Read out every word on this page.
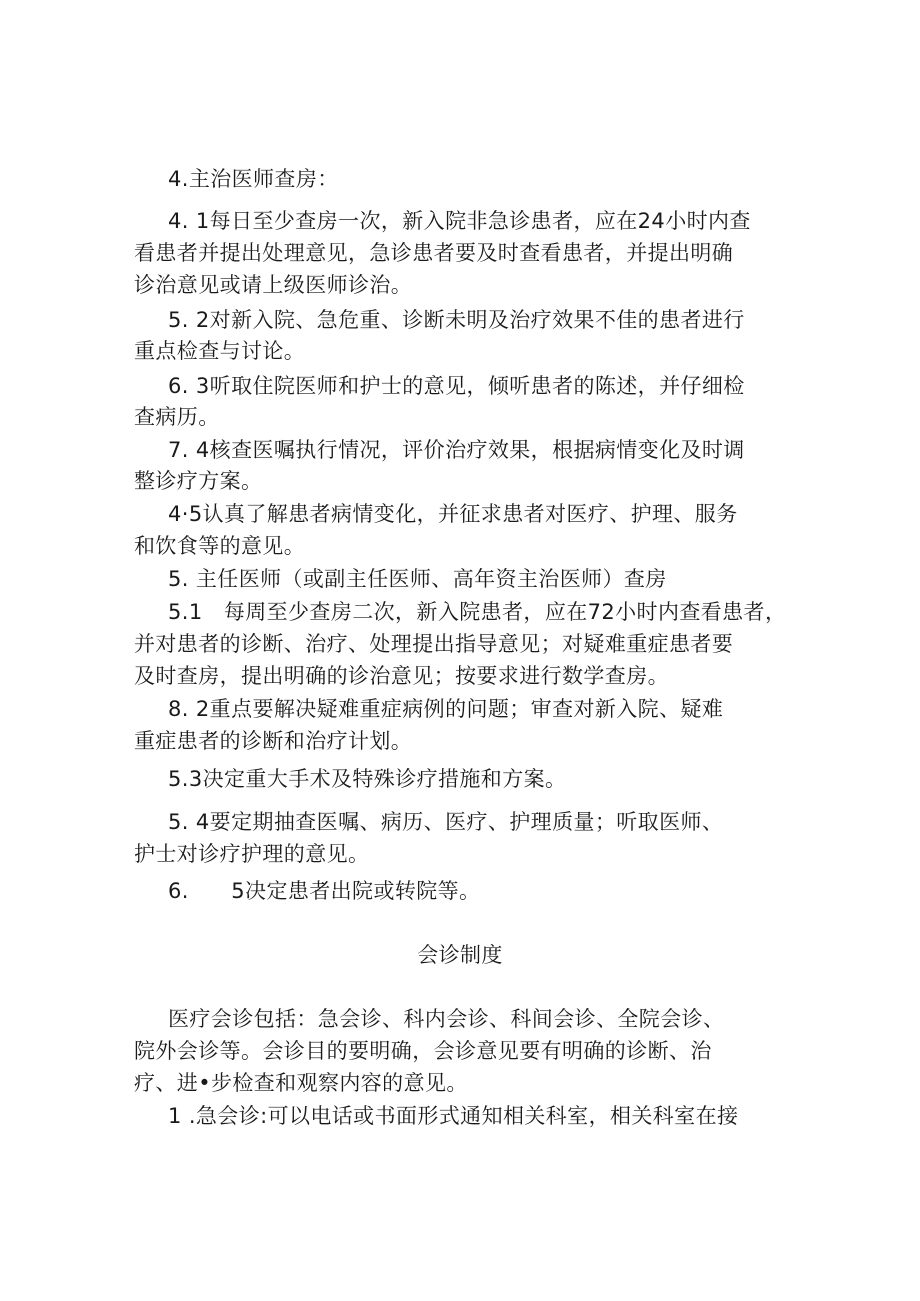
4.主治医师查房：
4. 1每日至少查房一次，新入院非急诊患者，应在24小时内查
看患者并提出处理意见，急诊患者要及时查看患者，并提出明确
诊治意见或请上级医师诊治。
5. 2对新入院、急危重、诊断未明及治疗效果不佳的患者进行
重点检查与讨论。
6. 3听取住院医师和护士的意见，倾听患者的陈述，并仔细检
查病历。
7. 4核查医嘱执行情况，评价治疗效果，根据病情变化及时调
整诊疗方案。
4·5认真了解患者病情变化，并征求患者对医疗、护理、服务
和饮食等的意见。
5. 主任医师（或副主任医师、高年资主治医师）查房
5.1   每周至少查房二次，新入院患者，应在72小时内查看患者，
并对患者的诊断、治疗、处理提出指导意见；对疑难重症患者要
及时查房，提出明确的诊治意见；按要求进行数学查房。
8. 2重点要解决疑难重症病例的问题；审查对新入院、疑难
重症患者的诊断和治疗计划。
5.3决定重大手术及特殊诊疗措施和方案。
5. 4要定期抽查医嘱、病历、医疗、护理质量；听取医师、
护士对诊疗护理的意见。
6.      5决定患者出院或转院等。
会诊制度
医疗会诊包括：急会诊、科内会诊、科间会诊、全院会诊、
院外会诊等。会诊目的要明确，会诊意见要有明确的诊断、治
疗、进•步检查和观察内容的意见。
1 .急会诊:可以电话或书面形式通知相关科室，相关科室在接
